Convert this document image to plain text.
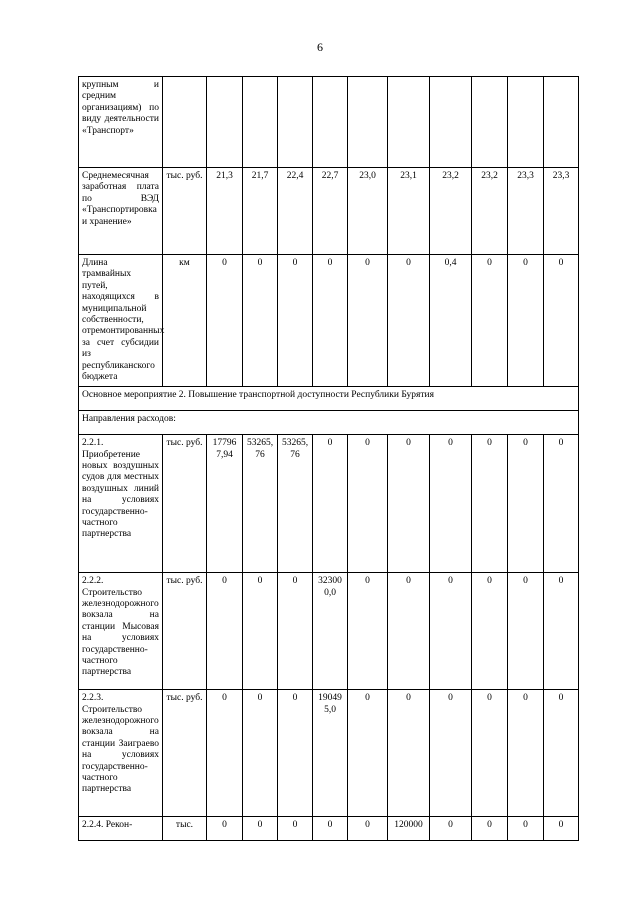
6
крупным и средним организациям) по виду деятельности «Транспорт»											
Среднемесячная заработная плата по ВЭД «Транспортировка и хранение»	тыс. руб.	21,3	21,7	22,4	22,7	23,0	23,1	23,2	23,2	23,3	23,3
Длина трамвайных путей, находящихся в муниципальной собственности, отремонтированных за счет субсидии из республиканского бюджета	км	0	0	0	0	0	0	0,4	0	0	0
Основное мероприятие 2. Повышение транспортной доступности Республики Бурятия											
Направления расходов:											
2.2.1. Приобретение новых воздушных судов для местных воздушных линий на условиях государственно-частного партнерства	тыс. руб.	177967,94	53265,76	53265,76	0	0	0	0	0	0	0
2.2.2. Строительство железнодорожного вокзала на станции Мысовая на условиях государственно-частного партнерства	тыс. руб.	0	0	0	323000,0	0	0	0	0	0	0
2.2.3. Строительство железнодорожного вокзала на станции Заиграево на условиях государственно-частного партнерства	тыс. руб.	0	0	0	190495,0	0	0	0	0	0	0
2.2.4. Рекон-	тыс.	0	0	0	0	0	120000	0	0	0	0
